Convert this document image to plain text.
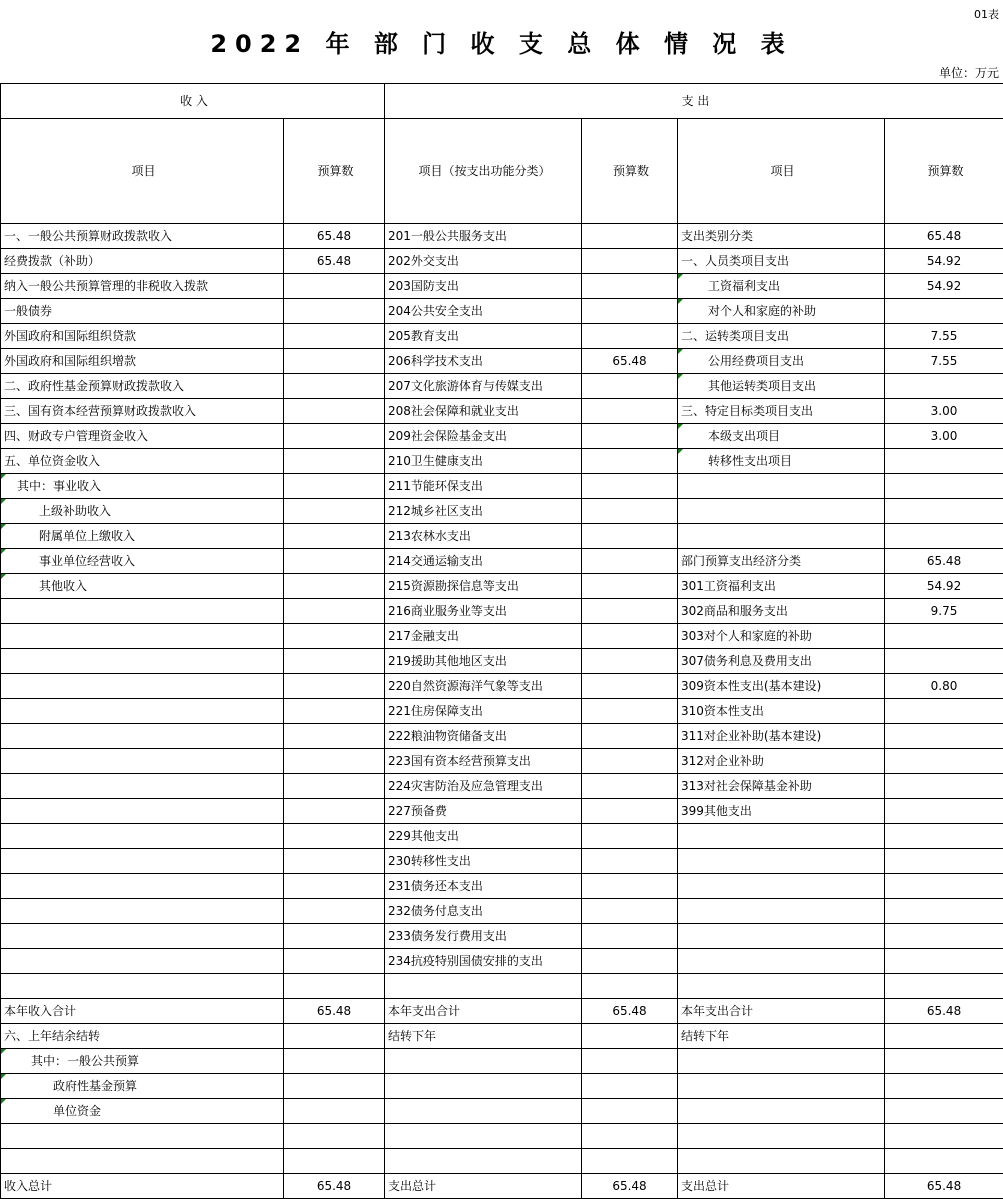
01表
2022 年 部 门 收 支 总 体 情 况 表
单位：万元
收 入		支 出			
项目	预算数	项目（按支出功能分类）	预算数	项目	预算数
一、一般公共预算财政拨款收入	65.48	201一般公共服务支出		支出类别分类	65.48
经费拨款（补助）	65.48	202外交支出		一、人员类项目支出	54.92
纳入一般公共预算管理的非税收入拨款		203国防支出		工资福利支出	54.92
一般债券		204公共安全支出		对个人和家庭的补助	
外国政府和国际组织贷款		205教育支出		二、运转类项目支出	7.55
外国政府和国际组织增款		206科学技术支出	65.48	公用经费项目支出	7.55
二、政府性基金预算财政拨款收入		207文化旅游体育与传媒支出		其他运转类项目支出	
三、国有资本经营预算财政拨款收入		208社会保障和就业支出		三、特定目标类项目支出	3.00
四、财政专户管理资金收入		209社会保险基金支出		本级支出项目	3.00
五、单位资金收入		210卫生健康支出		转移性支出项目	
其中：事业收入		211节能环保支出			
上级补助收入		212城乡社区支出			
附属单位上缴收入		213农林水支出			
事业单位经营收入		214交通运输支出		部门预算支出经济分类	65.48
其他收入		215资源勘探信息等支出		301工资福利支出	54.92
		216商业服务业等支出		302商品和服务支出	9.75
		217金融支出		303对个人和家庭的补助	
		219援助其他地区支出		307债务利息及费用支出	
		220自然资源海洋气象等支出		309资本性支出(基本建设)	0.80
		221住房保障支出		310资本性支出	
		222粮油物资储备支出		311对企业补助(基本建设)	
		223国有资本经营预算支出		312对企业补助	
		224灾害防治及应急管理支出		313对社会保障基金补助	
		227预备费		399其他支出	
		229其他支出			
		230转移性支出			
		231债务还本支出			
		232债务付息支出			
		233债务发行费用支出			
		234抗疫特别国债安排的支出			

本年收入合计	65.48	本年支出合计	65.48	本年支出合计	65.48
六、上年结余结转		结转下年		结转下年	
其中：一般公共预算					
政府性基金预算					
单位资金					

收入总计	65.48	支出总计	65.48	支出总计	65.48
